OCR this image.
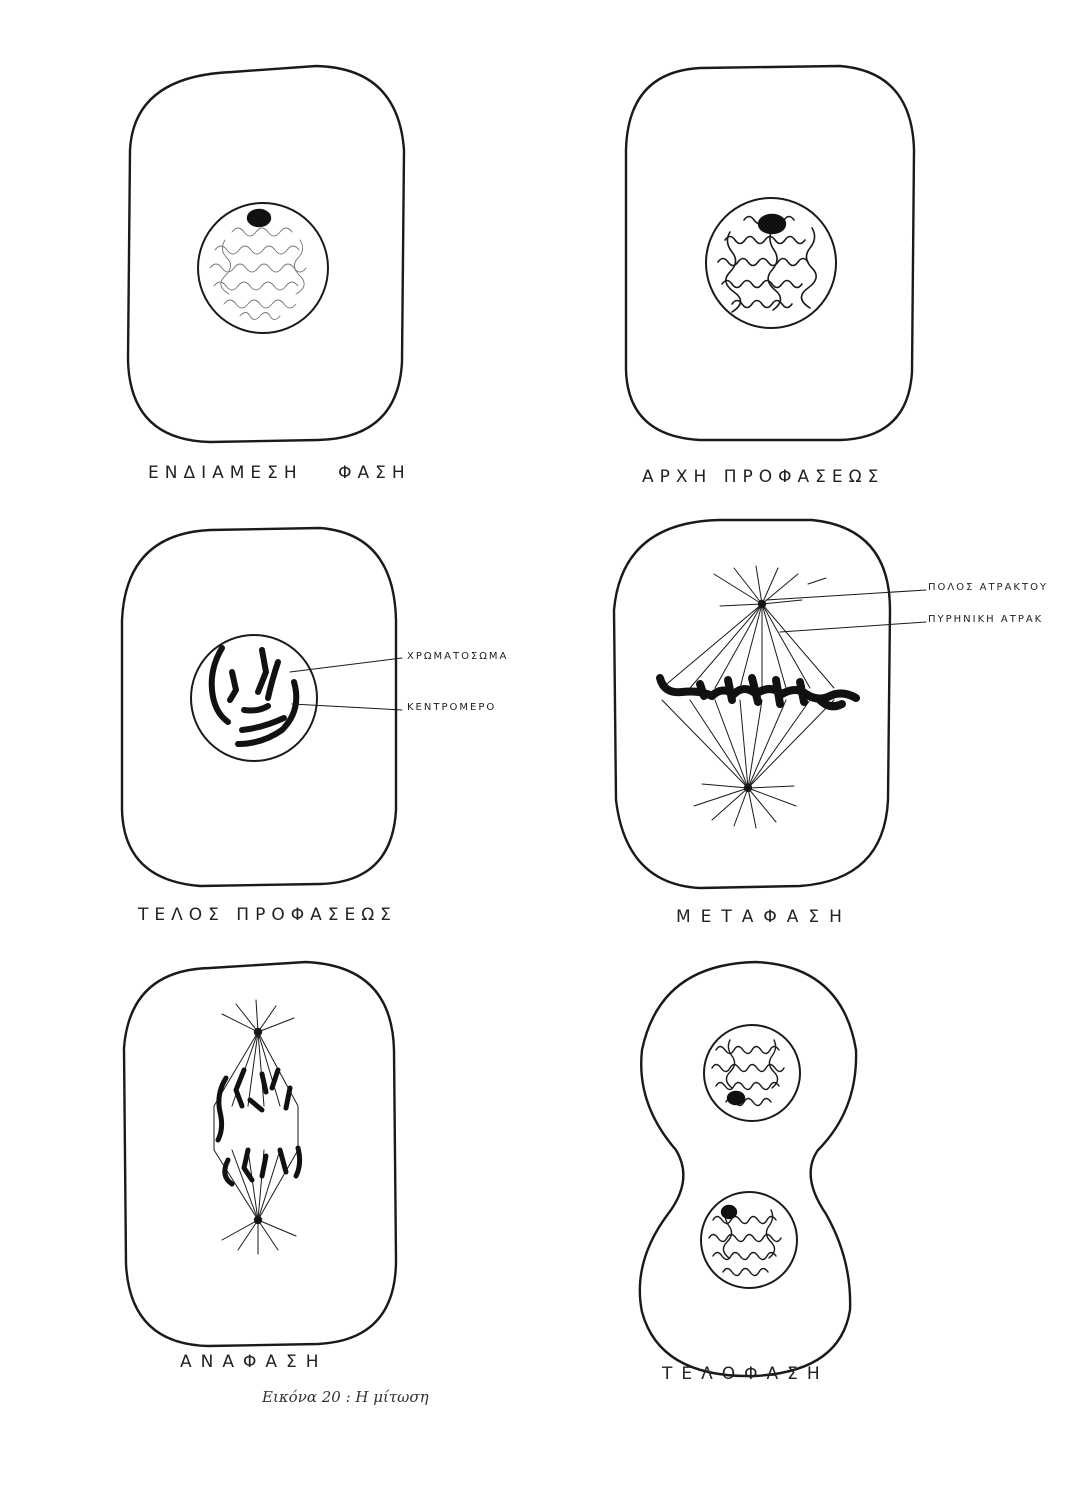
ΕΝΔΙΑΜΕΣΗ ΦΑΣΗ	ΑΡΧΗ ΠΡΟΦΑΣΕΩΣ
ΤΕΛΟΣ ΠΡΟΦΑΣΕΩΣ	ΜΕΤΑΦΑΣΗ
ΑΝΑΦΑΣΗ
ΤΕΛΟΦΑΣΗ
ΧΡΩΜΑΤΟΣΩΜΑ
ΚΕΝΤΡΟΜΕΡΟ
ΠΟΛΟΣ ΑΤΡΑΚΤΟΥ
ΠΥΡΗΝΙΚΗ ΑΤΡΑΚ
Εικόνα 20 : Η μίτωση
